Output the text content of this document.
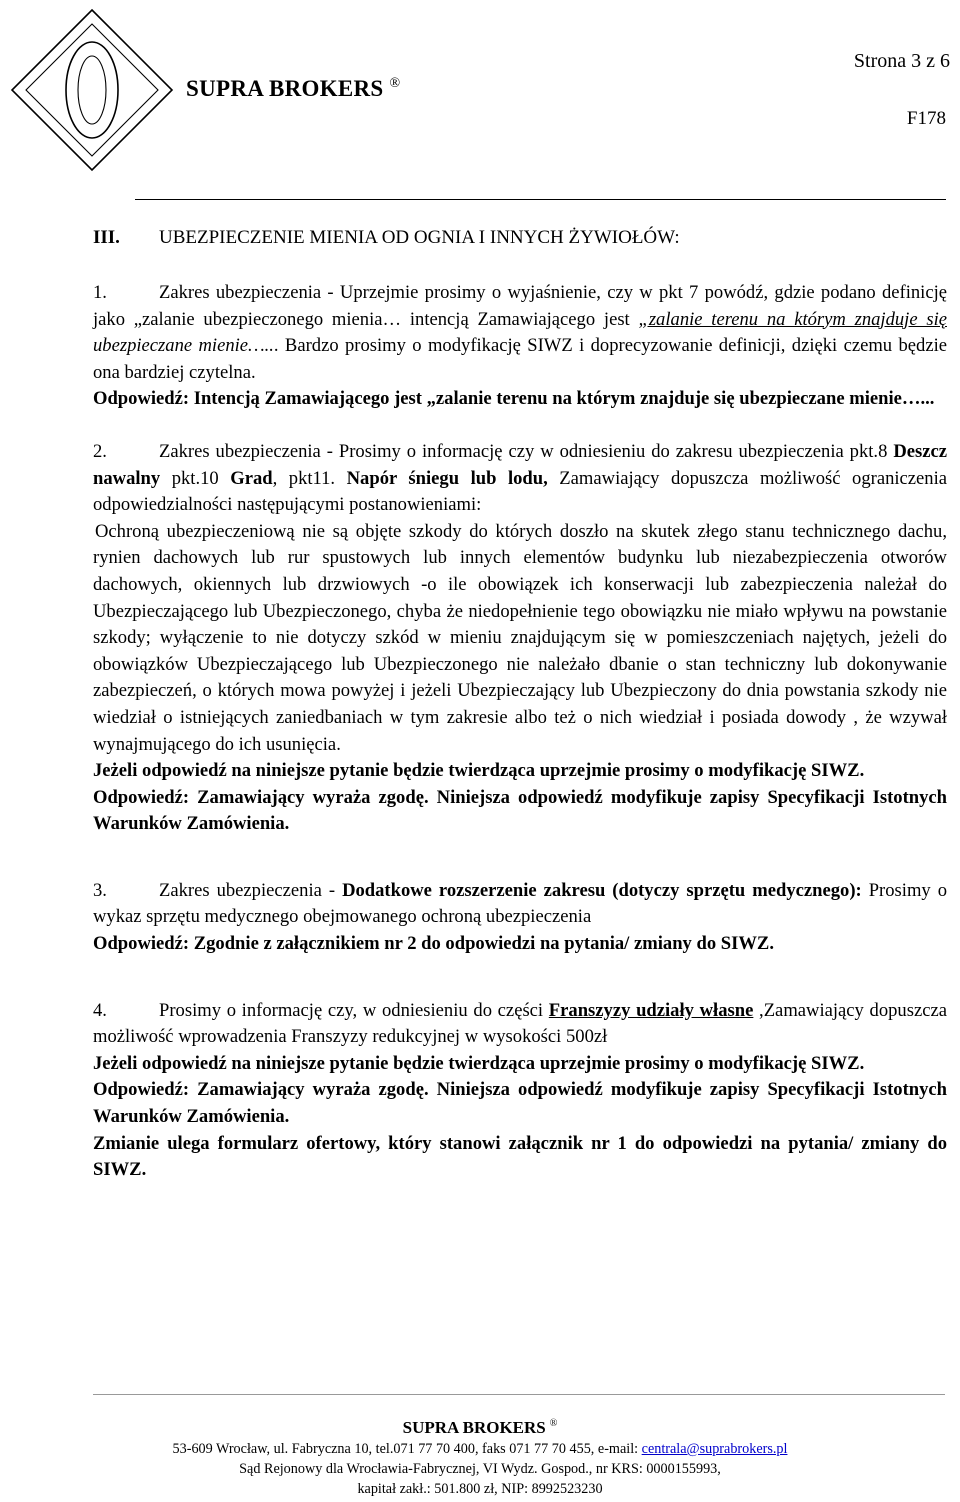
Strona 3 z 6
SUPRA BROKERS ®
F178
III. UBEZPIECZENIE MIENIA OD OGNIA I INNYCH ŻYWIOŁÓW:

1.	Zakres ubezpieczenia - Uprzejmie prosimy o wyjaśnienie, czy w pkt 7 powódź, gdzie podano definicję jako „zalanie ubezpieczonego mienia… intencją Zamawiającego jest „zalanie terenu na którym znajduje się ubezpieczane mienie…... Bardzo prosimy o modyfikację SIWZ i doprecyzowanie definicji, dzięki czemu będzie ona bardziej czytelna.

Odpowiedź: Intencją Zamawiającego jest „zalanie terenu na którym znajduje się ubezpieczane mienie…...

2.	Zakres ubezpieczenia - Prosimy o informację czy w odniesieniu do zakresu ubezpieczenia pkt.8 Deszcz nawalny pkt.10 Grad, pkt11. Napór śniegu lub lodu, Zamawiający dopuszcza możliwość ograniczenia odpowiedzialności następującymi postanowieniami:

Ochroną ubezpieczeniową nie są objęte szkody do których doszło na skutek złego stanu technicznego dachu, rynien dachowych lub rur spustowych lub innych elementów budynku lub niezabezpieczenia otworów dachowych, okiennych lub drzwiowych -o ile obowiązek ich konserwacji lub zabezpieczenia należał do Ubezpieczającego lub Ubezpieczonego, chyba że niedopełnienie tego obowiązku nie miało wpływu na powstanie szkody; wyłączenie to nie dotyczy szkód w mieniu znajdującym się w pomieszczeniach najętych, jeżeli do obowiązków Ubezpieczającego lub Ubezpieczonego nie należało dbanie o stan techniczny lub dokonywanie zabezpieczeń, o których mowa powyżej i jeżeli Ubezpieczający lub Ubezpieczony do dnia powstania szkody nie wiedział o istniejących zaniedbaniach w tym zakresie albo też o nich wiedział i posiada dowody , że wzywał wynajmującego do ich usunięcia.

Jeżeli odpowiedź na niniejsze pytanie będzie twierdząca uprzejmie prosimy o modyfikację SIWZ.

Odpowiedź: Zamawiający wyraża zgodę. Niniejsza odpowiedź modyfikuje zapisy Specyfikacji Istotnych Warunków Zamówienia.

3.	Zakres ubezpieczenia - Dodatkowe rozszerzenie zakresu (dotyczy sprzętu medycznego): Prosimy o wykaz sprzętu medycznego obejmowanego ochroną ubezpieczenia

Odpowiedź: Zgodnie z załącznikiem nr 2 do odpowiedzi na pytania/ zmiany do SIWZ.

4.	Prosimy o informację czy, w odniesieniu do części Franszyzy udziały własne ,Zamawiający dopuszcza możliwość wprowadzenia Franszyzy redukcyjnej w wysokości 500zł

Jeżeli odpowiedź na niniejsze pytanie będzie twierdząca uprzejmie prosimy o modyfikację SIWZ.

Odpowiedź: Zamawiający wyraża zgodę. Niniejsza odpowiedź modyfikuje zapisy Specyfikacji Istotnych Warunków Zamówienia.

Zmianie ulega formularz ofertowy, który stanowi załącznik nr 1 do odpowiedzi na pytania/ zmiany do SIWZ.

SUPRA BROKERS ®
53-609 Wrocław, ul. Fabryczna 10, tel.071 77 70 400, faks 071 77 70 455, e-mail: centrala@suprabrokers.pl
Sąd Rejonowy dla Wrocławia-Fabrycznej, VI Wydz. Gospod., nr KRS: 0000155993,
kapitał zakł.: 501.800 zł, NIP: 8992523230
